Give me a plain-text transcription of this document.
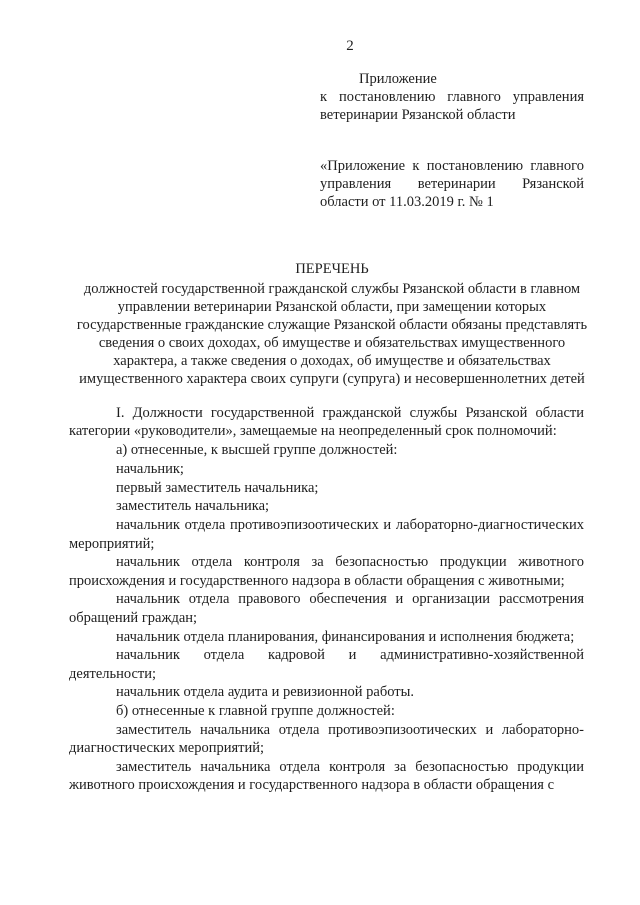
2
Приложение
к постановлению главного управления ветеринарии Рязанской области
«Приложение к постановлению главного управления ветеринарии Рязанской области от 11.03.2019 г. № 1
ПЕРЕЧЕНЬ
должностей государственной гражданской службы Рязанской области в главном управлении ветеринарии Рязанской области, при замещении которых государственные гражданские служащие Рязанской области обязаны представлять сведения о своих доходах, об имуществе и обязательствах имущественного характера, а также сведения о доходах, об имуществе и обязательствах имущественного характера своих супруги (супруга) и несовершеннолетних детей

I. Должности государственной гражданской службы Рязанской области категории «руководители», замещаемые на неопределенный срок полномочий:

а) отнесенные, к высшей группе должностей:

начальник;

первый заместитель начальника;

заместитель начальника;

начальник отдела противоэпизоотических и лабораторно-диагностических мероприятий;

начальник отдела контроля за безопасностью продукции животного происхождения и государственного надзора в области обращения с животными;

начальник отдела правового обеспечения и организации рассмотрения обращений граждан;

начальник отдела планирования, финансирования и исполнения бюджета;

начальник отдела кадровой и административно-хозяйственной деятельности;

начальник отдела аудита и ревизионной работы.

б) отнесенные к главной группе должностей:

заместитель начальника отдела противоэпизоотических и лабораторно-диагностических мероприятий;

заместитель начальника отдела контроля за безопасностью продукции животного происхождения и государственного надзора в области обращения с
